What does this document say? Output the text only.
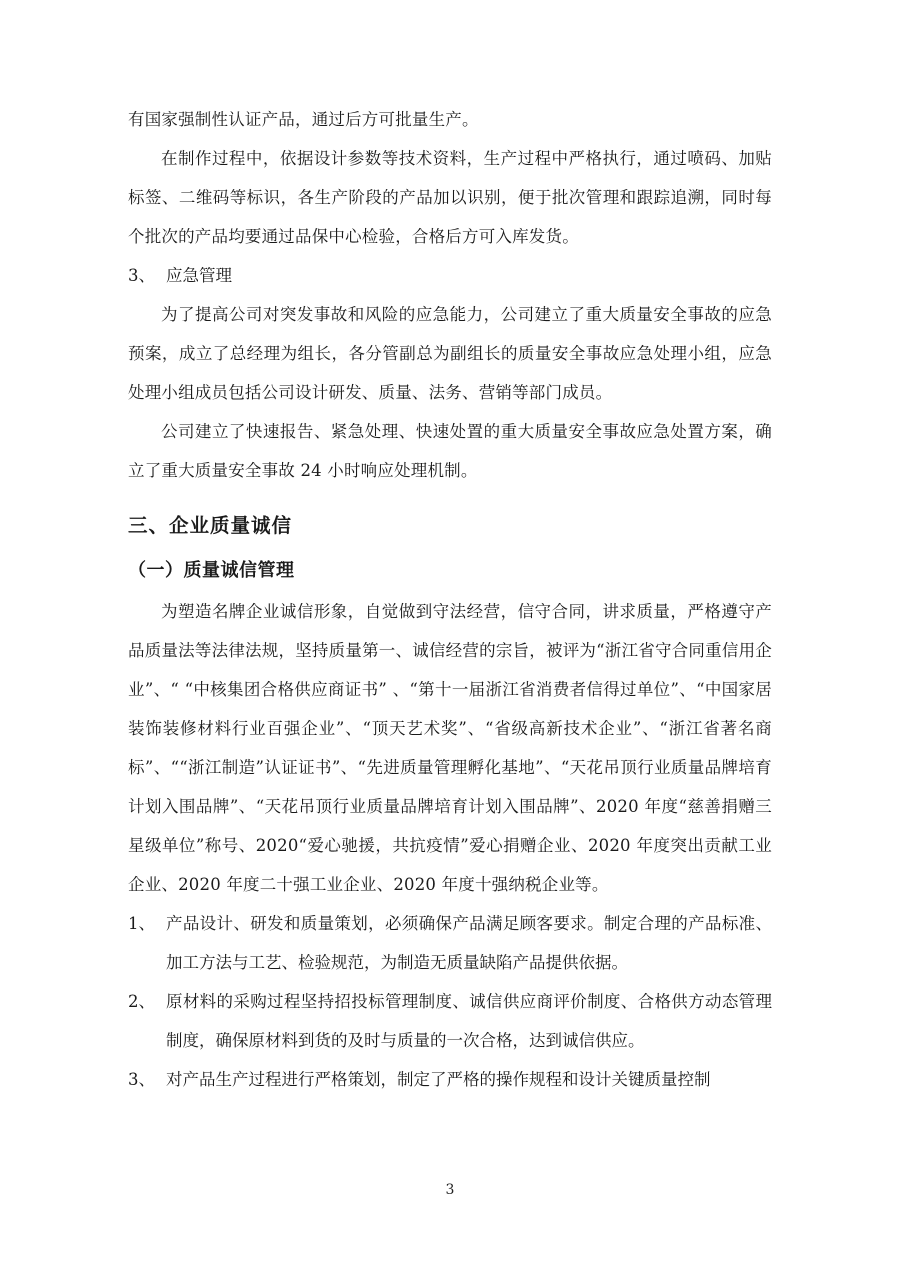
有国家强制性认证产品，通过后方可批量生产。

在制作过程中，依据设计参数等技术资料，生产过程中严格执行，通过喷码、加贴标签、二维码等标识，各生产阶段的产品加以识别，便于批次管理和跟踪追溯，同时每个批次的产品均要通过品保中心检验，合格后方可入库发货。

3、 应急管理

为了提高公司对突发事故和风险的应急能力，公司建立了重大质量安全事故的应急预案，成立了总经理为组长，各分管副总为副组长的质量安全事故应急处理小组，应急处理小组成员包括公司设计研发、质量、法务、营销等部门成员。

公司建立了快速报告、紧急处理、快速处置的重大质量安全事故应急处置方案，确立了重大质量安全事故 24 小时响应处理机制。

三、企业质量诚信
（一）质量诚信管理

为塑造名牌企业诚信形象，自觉做到守法经营，信守合同，讲求质量，严格遵守产品质量法等法律法规，坚持质量第一、诚信经营的宗旨，被评为“浙江省守合同重信用企业”、“ “中核集团合格供应商证书” 、“第十一届浙江省消费者信得过单位”、“中国家居装饰装修材料行业百强企业”、“顶天艺术奖”、“省级高新技术企业”、“浙江省著名商标”、““浙江制造”认证证书”、“先进质量管理孵化基地”、“天花吊顶行业质量品牌培育计划入围品牌”、“天花吊顶行业质量品牌培育计划入围品牌”、2020 年度“慈善捐赠三星级单位”称号、2020“爱心驰援，共抗疫情”爱心捐赠企业、2020 年度突出贡献工业企业、2020 年度二十强工业企业、2020 年度十强纳税企业等。

1、 产品设计、研发和质量策划，必须确保产品满足顾客要求。制定合理的产品标准、加工方法与工艺、检验规范，为制造无质量缺陷产品提供依据。
2、 原材料的采购过程坚持招投标管理制度、诚信供应商评价制度、合格供方动态管理制度，确保原材料到货的及时与质量的一次合格，达到诚信供应。
3、 对产品生产过程进行严格策划，制定了严格的操作规程和设计关键质量控制
3
